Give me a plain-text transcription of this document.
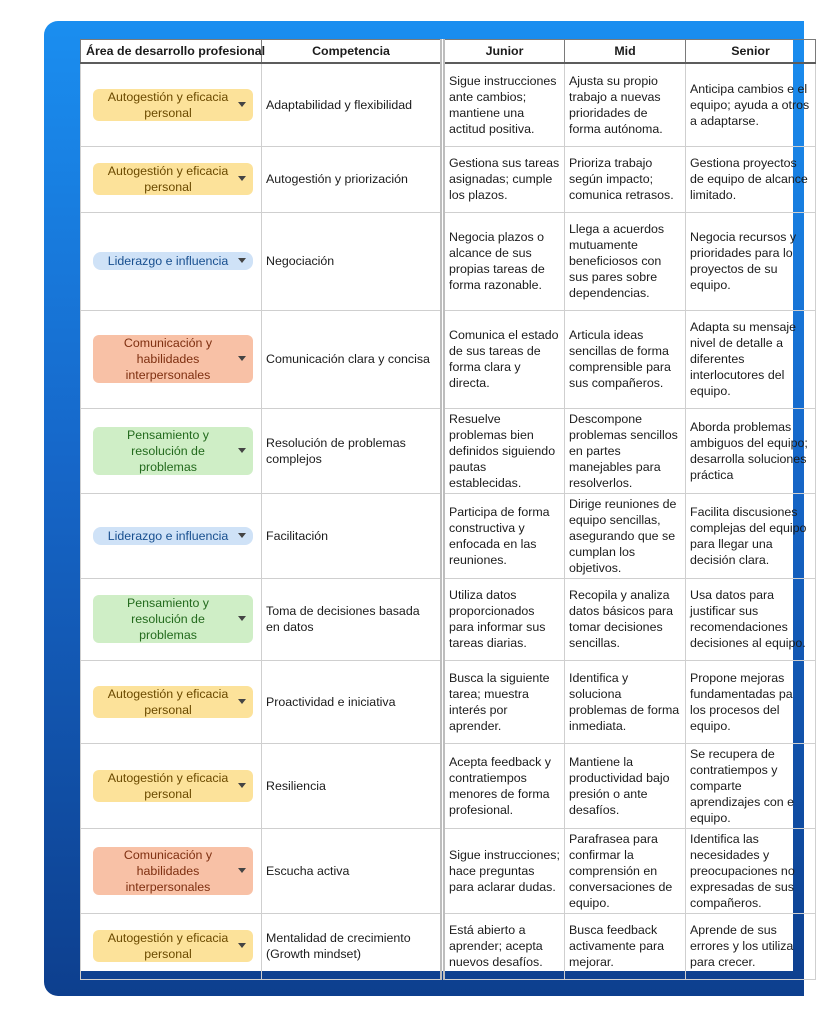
Área de desarrollo profesional	Competencia	Junior	Mid	Senior

Autogestión y eficacia personal	Adaptabilidad y flexibilidad	Sigue instrucciones ante cambios; mantiene una actitud positiva.	Ajusta su propio trabajo a nuevas prioridades de forma autónoma.	Anticipa cambios e el equipo; ayuda a otros a adaptarse.

Autogestión y eficacia personal	Autogestión y priorización	Gestiona sus tareas asignadas; cumple los plazos.	Prioriza trabajo según impacto; comunica retrasos.	Gestiona proyectos de equipo de alcance limitado.

Liderazgo e influencia	Negociación	Negocia plazos o alcance de sus propias tareas de forma razonable.	Llega a acuerdos mutuamente beneficiosos con sus pares sobre dependencias.	Negocia recursos y prioridades para lo proyectos de su equipo.

Comunicación y habilidades interpersonales	Comunicación clara y concisa	Comunica el estado de sus tareas de forma clara y directa.	Articula ideas sencillas de forma comprensible para sus compañeros.	Adapta su mensaje nivel de detalle a diferentes interlocutores del equipo.

Pensamiento y resolución de problemas	Resolución de problemas complejos	Resuelve problemas bien definidos siguiendo pautas establecidas.	Descompone problemas sencillos en partes manejables para resolverlos.	Aborda problemas ambiguos del equipo; desarrolla soluciones práctica

Liderazgo e influencia	Facilitación	Participa de forma constructiva y enfocada en las reuniones.	Dirige reuniones de equipo sencillas, asegurando que se cumplan los objetivos.	Facilita discusiones complejas del equipo para llegar una decisión clara.

Pensamiento y resolución de problemas	Toma de decisiones basada en datos	Utiliza datos proporcionados para informar sus tareas diarias.	Recopila y analiza datos básicos para tomar decisiones sencillas.	Usa datos para justificar sus recomendaciones decisiones al equipo.

Autogestión y eficacia personal	Proactividad e iniciativa	Busca la siguiente tarea; muestra interés por aprender.	Identifica y soluciona problemas de forma inmediata.	Propone mejoras fundamentadas pa los procesos del equipo.

Autogestión y eficacia personal	Resiliencia	Acepta feedback y contratiempos menores de forma profesional.	Mantiene la productividad bajo presión o ante desafíos.	Se recupera de contratiempos y comparte aprendizajes con e equipo.

Comunicación y habilidades interpersonales	Escucha activa	Sigue instrucciones; hace preguntas para aclarar dudas.	Parafrasea para confirmar la comprensión en conversaciones de equipo.	Identifica las necesidades y preocupaciones no expresadas de sus compañeros.

Autogestión y eficacia personal	Mentalidad de crecimiento (Growth mindset)	Está abierto a aprender; acepta nuevos desafíos.	Busca feedback activamente para mejorar.	Aprende de sus errores y los utiliza para crecer.
